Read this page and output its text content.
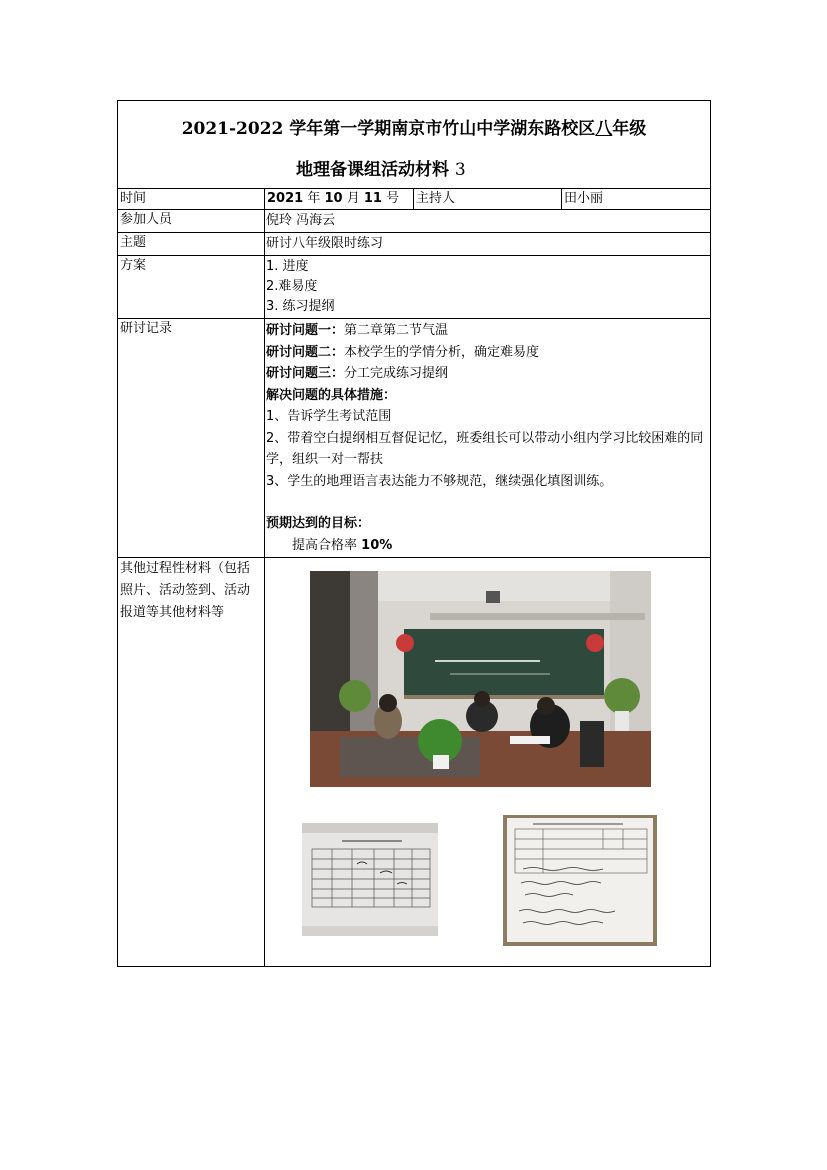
2021-2022 学年第一学期南京市竹山中学湖东路校区八年级
地理备课组活动材料 3
时间	2021 年 10 月 11 号	主持人	田小丽
参加人员	倪玲 冯海云
主题	研讨八年级限时练习
方案	1. 进度
2.难易度
3. 练习提纲
研讨记录	研讨问题一：第二章第二节气温
研讨问题二：本校学生的学情分析，确定难易度
研讨问题三：分工完成练习提纲
解决问题的具体措施：
1、告诉学生考试范围
2、带着空白提纲相互督促记忆，班委组长可以带动小组内学习比较困难的同学，组织一对一帮扶
3、学生的地理语言表达能力不够规范，继续强化填图训练。
预期达到的目标：
提高合格率 10%
其他过程性材料（包括照片、活动签到、活动报道等其他材料等
